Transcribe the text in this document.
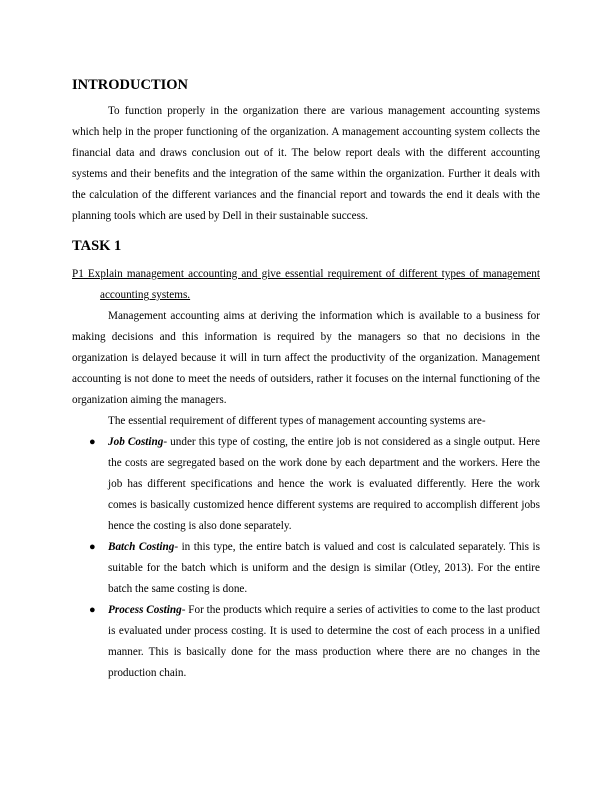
INTRODUCTION

To function properly in the organization there are various management accounting systems which help in the proper functioning of the organization. A management accounting system collects the financial data and draws conclusion out of it. The below report deals with the different accounting systems and their benefits and the integration of the same within the organization. Further it deals with the calculation of the different variances and the financial report and towards the end it deals with the planning tools which are used by Dell in their sustainable success.

TASK 1

P1 Explain management accounting and give essential requirement of different types of management accounting systems.

Management accounting aims at deriving the information which is available to a business for making decisions and this information is required by the managers so that no decisions in the organization is delayed because it will in turn affect the productivity of the organization. Management accounting is not done to meet the needs of outsiders, rather it focuses on the internal functioning of the organization aiming the managers.

The essential requirement of different types of management accounting systems are-

● Job Costing- under this type of costing, the entire job is not considered as a single output. Here the costs are segregated based on the work done by each department and the workers. Here the job has different specifications and hence the work is evaluated differently. Here the work comes is basically customized hence different systems are required to accomplish different jobs hence the costing is also done separately.
● Batch Costing- in this type, the entire batch is valued and cost is calculated separately. This is suitable for the batch which is uniform and the design is similar (Otley, 2013). For the entire batch the same costing is done.
● Process Costing- For the products which require a series of activities to come to the last product is evaluated under process costing. It is used to determine the cost of each process in a unified manner. This is basically done for the mass production where there are no changes in the production chain.
